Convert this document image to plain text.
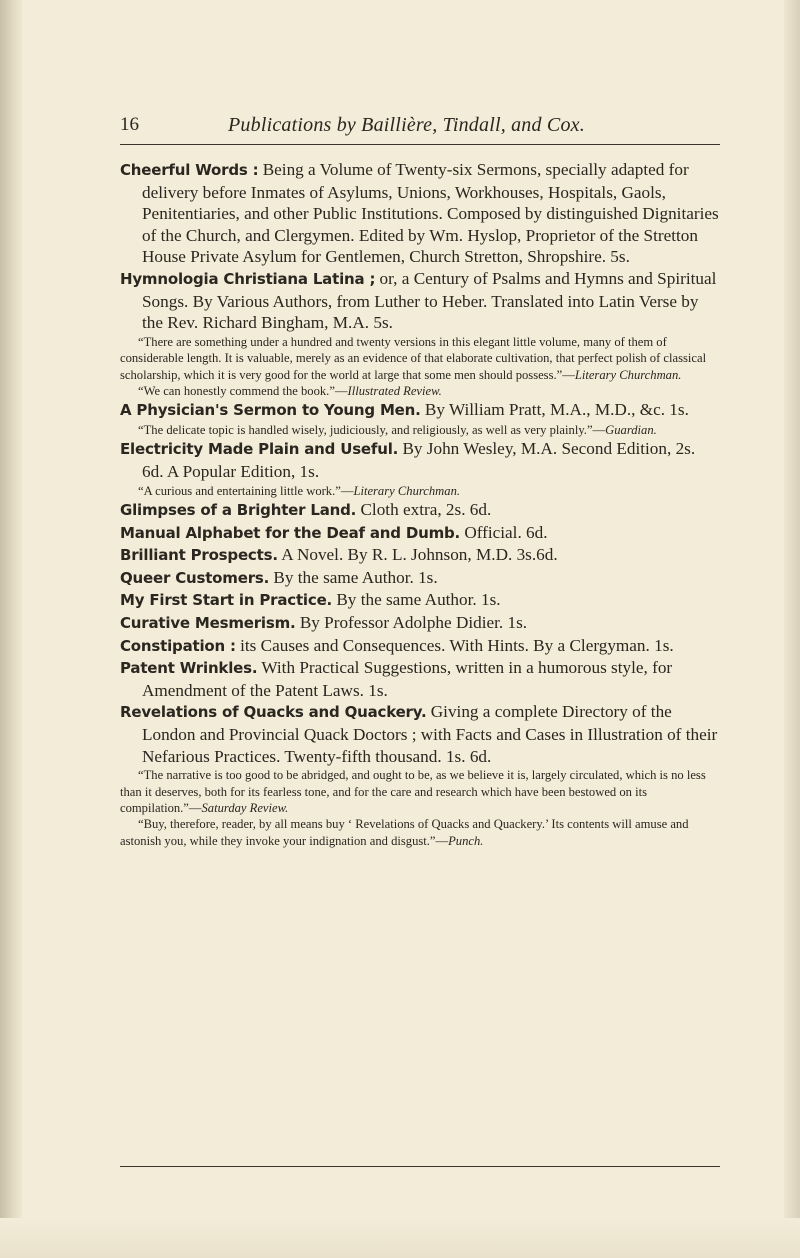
16	Publications by Baillière, Tindall, and Cox.

Cheerful Words : Being a Volume of Twenty-six Sermons, specially adapted for delivery before Inmates of Asylums, Unions, Workhouses, Hospitals, Gaols, Penitentiaries, and other Public Institutions. Composed by distinguished Dignitaries of the Church, and Clergymen. Edited by Wm. Hyslop, Proprietor of the Stretton House Private Asylum for Gentlemen, Church Stretton, Shropshire. 5s.

Hymnologia Christiana Latina ; or, a Century of Psalms and Hymns and Spiritual Songs. By Various Authors, from Luther to Heber. Translated into Latin Verse by the Rev. Richard Bingham, M.A. 5s.

“There are something under a hundred and twenty versions in this elegant little volume, many of them of considerable length. It is valuable, merely as an evidence of that elaborate cultivation, that perfect polish of classical scholarship, which it is very good for the world at large that some men should possess.”—Literary Churchman.

“We can honestly commend the book.”—Illustrated Review.

A Physician's Sermon to Young Men. By William Pratt, M.A., M.D., &c. 1s.

“The delicate topic is handled wisely, judiciously, and religiously, as well as very plainly.”—Guardian.

Electricity Made Plain and Useful. By John Wesley, M.A. Second Edition, 2s. 6d. A Popular Edition, 1s.

“A curious and entertaining little work.”—Literary Churchman.

Glimpses of a Brighter Land. Cloth extra, 2s. 6d.

Manual Alphabet for the Deaf and Dumb. Official. 6d.

Brilliant Prospects. A Novel. By R. L. Johnson, M.D. 3s.6d.

Queer Customers. By the same Author. 1s.

My First Start in Practice. By the same Author. 1s.

Curative Mesmerism. By Professor Adolphe Didier. 1s.

Constipation : its Causes and Consequences. With Hints. By a Clergyman. 1s.

Patent Wrinkles. With Practical Suggestions, written in a humorous style, for Amendment of the Patent Laws. 1s.

Revelations of Quacks and Quackery. Giving a complete Directory of the London and Provincial Quack Doctors ; with Facts and Cases in Illustration of their Nefarious Practices. Twenty-fifth thousand. 1s. 6d.

“The narrative is too good to be abridged, and ought to be, as we believe it is, largely circulated, which is no less than it deserves, both for its fearless tone, and for the care and research which have been bestowed on its compilation.”—Saturday Review.

“Buy, therefore, reader, by all means buy ‘ Revelations of Quacks and Quackery.’ Its contents will amuse and astonish you, while they invoke your indignation and disgust.”—Punch.
